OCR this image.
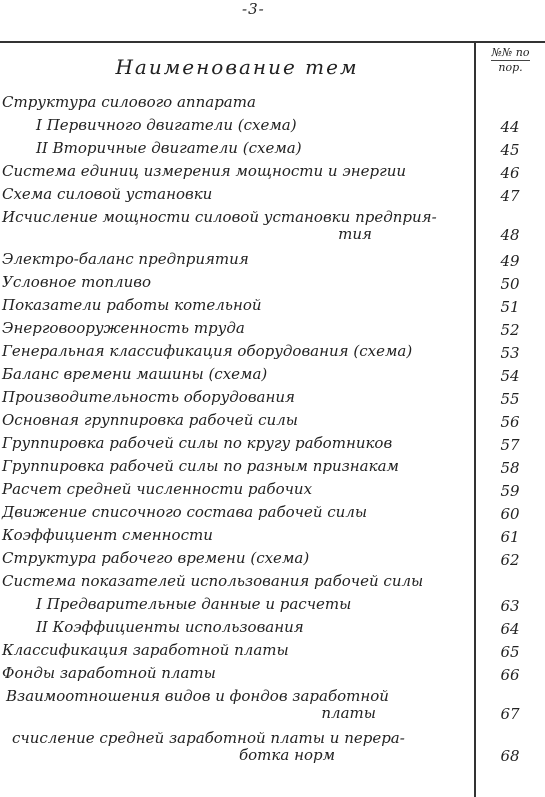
-3-
Наименование тем
№№ по
пор.
Структура силового аппарата
I Первичного двигатели (схема)	44
II Вторичные двигатели (схема)	45
Система единиц измерения мощности и энергии	46
Схема силовой установки	47
Исчисление мощности силовой установки предприя-
тия	48
Электро-баланс предприятия	49
Условное топливо	50
Показатели работы котельной	51
Энерговооруженность труда	52
Генеральная классификация оборудования (схема)	53
Баланс времени машины (схема)	54
Производительность оборудования	55
Основная группировка рабочей силы	56
Группировка рабочей силы по кругу работников	57
Группировка рабочей силы по разным признакам	58
Расчет средней численности рабочих	59
Движение списочного состава рабочей силы	60
Коэффициент сменности	61
Структура рабочего времени (схема)	62
Система показателей использования рабочей силы
I Предварительные данные и расчеты	63
II Коэффициенты использования	64
Классификация заработной платы	65
Фонды заработной платы	66
Взаимоотношения видов и фондов заработной
платы	67
счисление средней заработной платы и перера-
ботка норм	68
